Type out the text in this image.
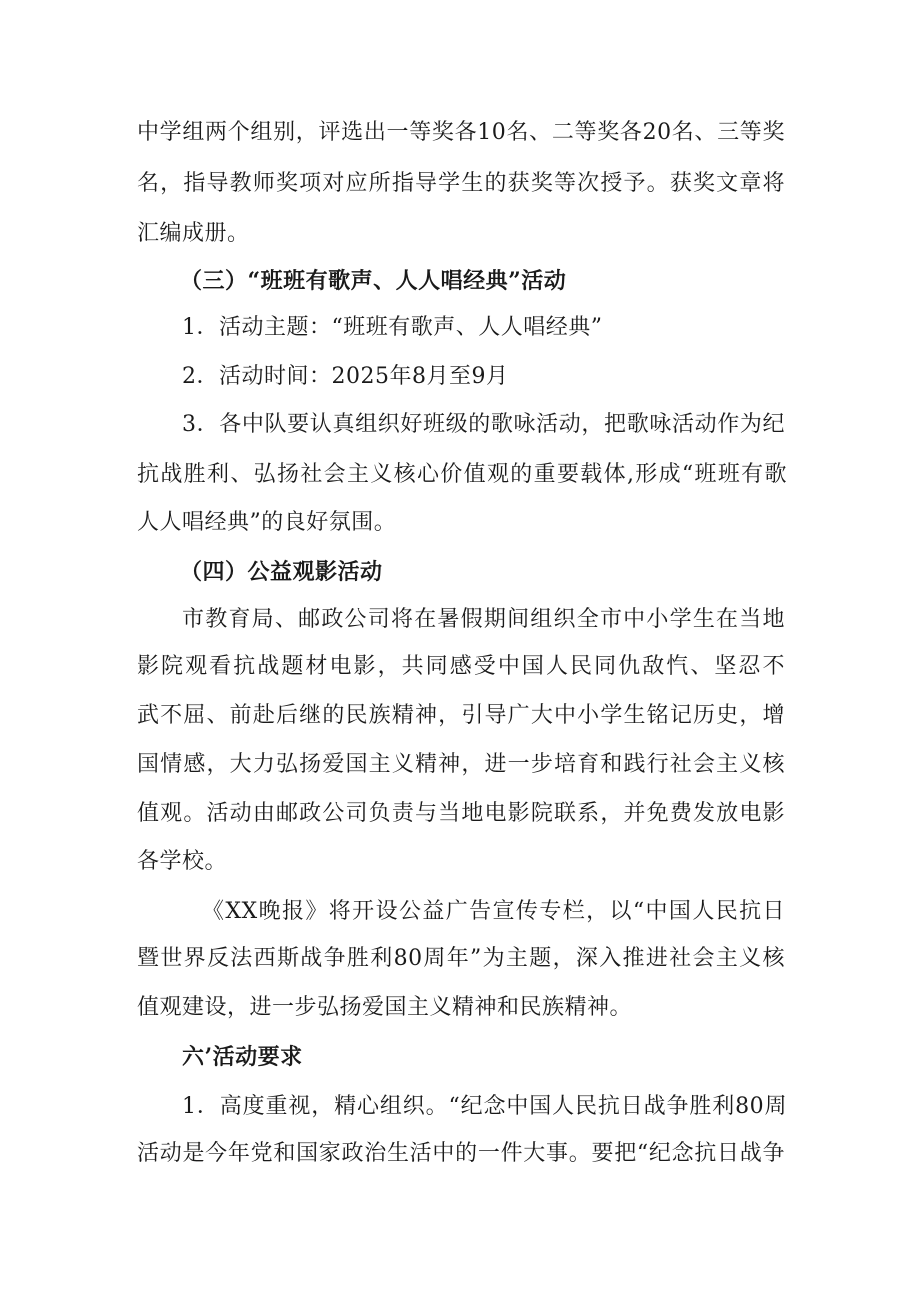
中学组两个组别，评选出一等奖各10名、二等奖各20名、三等奖
名，指导教师奖项对应所指导学生的获奖等次授予。获奖文章将
汇编成册。
（三）“班班有歌声、人人唱经典”活动
1．活动主题：“班班有歌声、人人唱经典”
2．活动时间：2025年8月至9月
3．各中队要认真组织好班级的歌咏活动，把歌咏活动作为纪
抗战胜利、弘扬社会主义核心价值观的重要载体,形成“班班有歌
人人唱经典”的良好氛围。
（四）公益观影活动
市教育局、邮政公司将在暑假期间组织全市中小学生在当地
影院观看抗战题材电影，共同感受中国人民同仇敌忾、坚忍不
武不屈、前赴后继的民族精神，引导广大中小学生铭记历史，增
国情感，大力弘扬爱国主义精神，进一步培育和践行社会主义核
值观。活动由邮政公司负责与当地电影院联系，并免费发放电影
各学校。
《XX晚报》将开设公益广告宣传专栏，以“中国人民抗日
暨世界反法西斯战争胜利80周年”为主题，深入推进社会主义核
值观建设，进一步弘扬爱国主义精神和民族精神。
六’活动要求
1．高度重视，精心组织。“纪念中国人民抗日战争胜利80周
活动是今年党和国家政治生活中的一件大事。要把“纪念抗日战争
